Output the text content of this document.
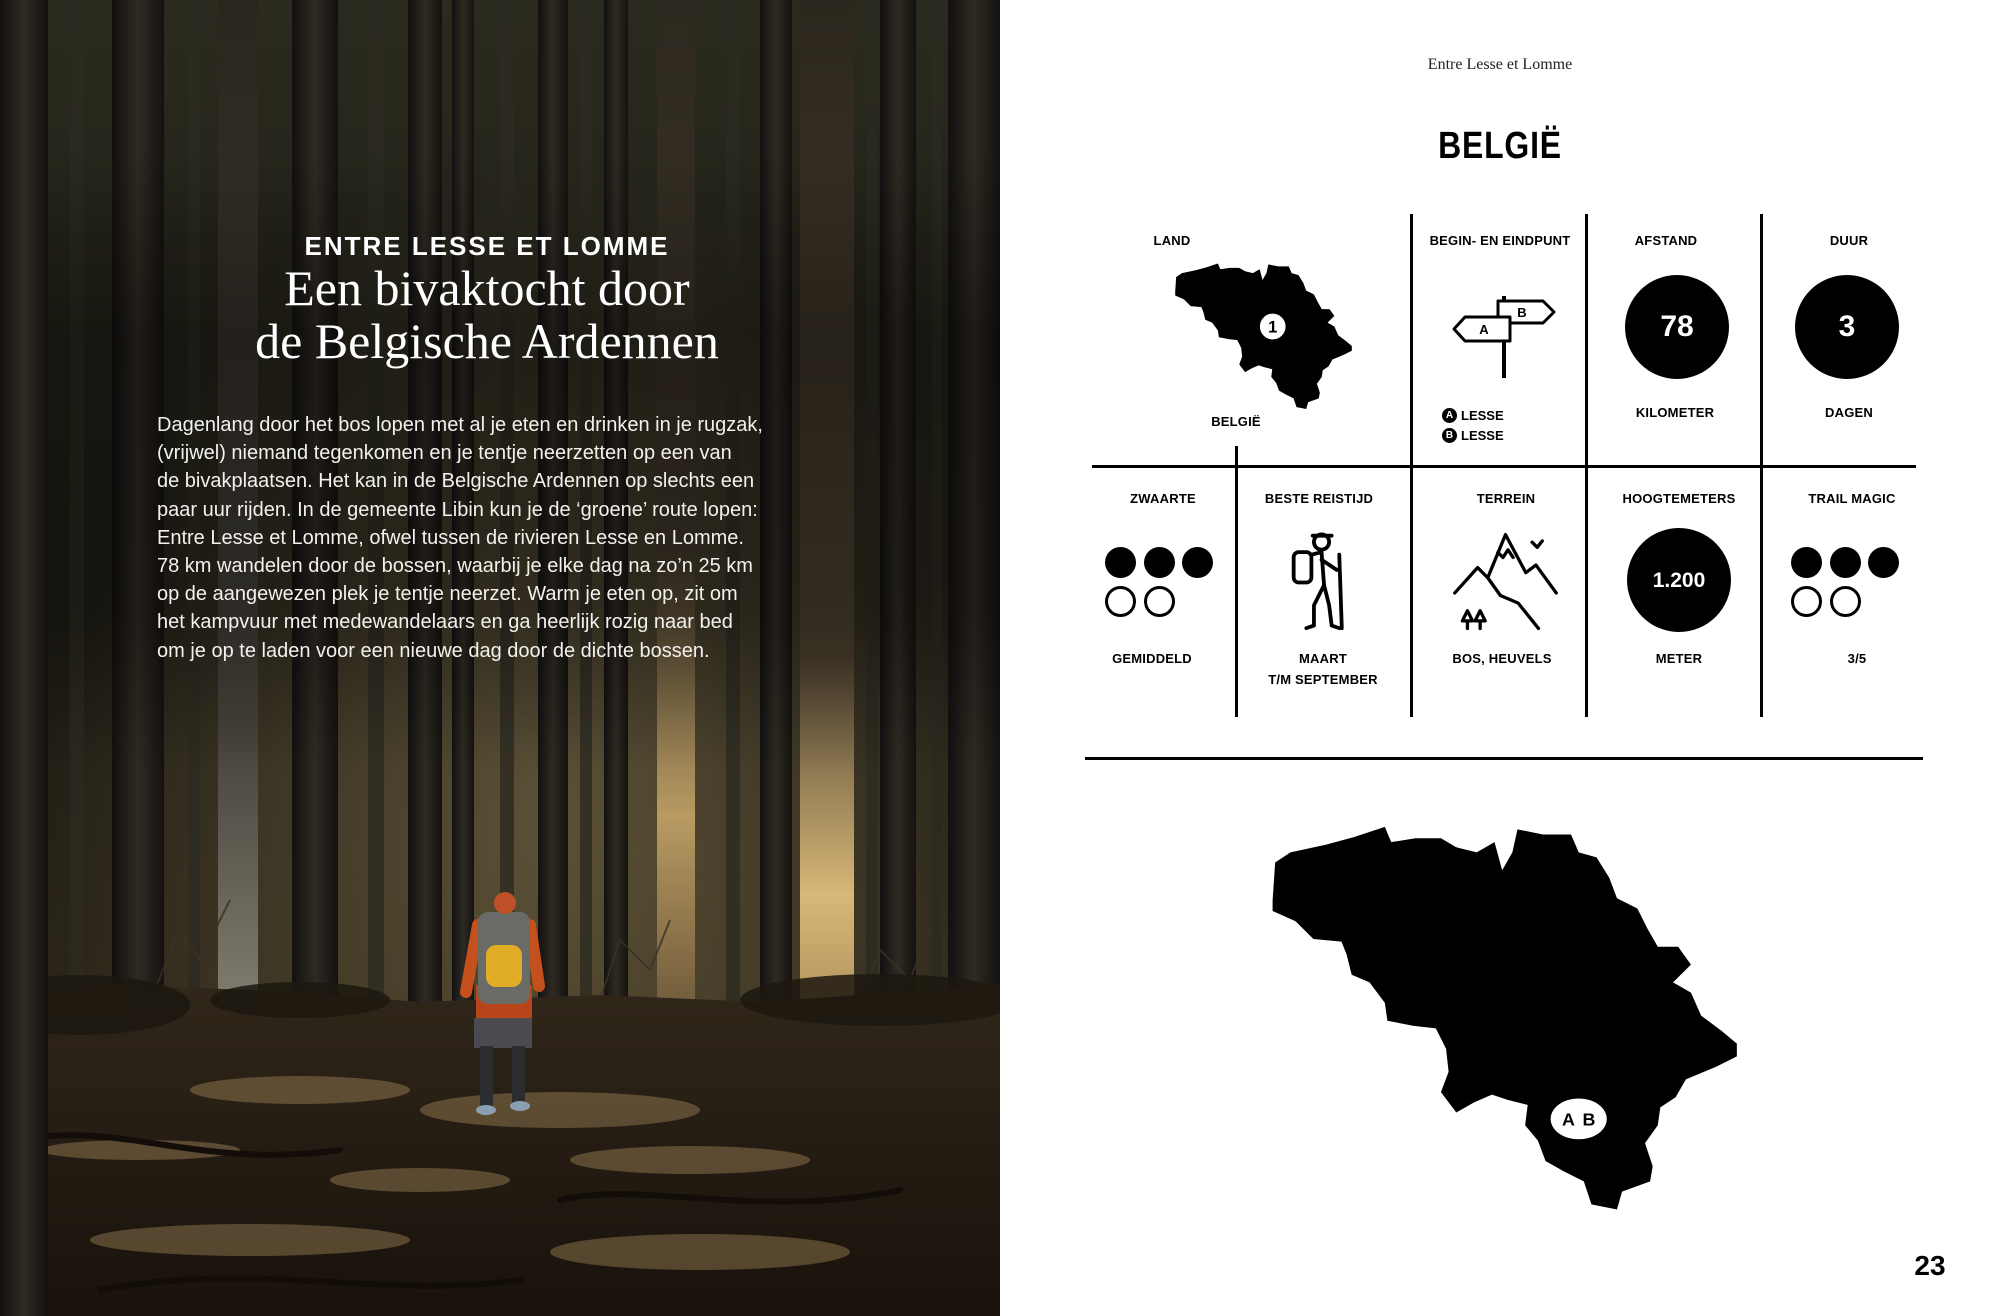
ENTRE LESSE ET LOMME
Een bivaktocht door
de Belgische Ardennen
Dagenlang door het bos lopen met al je eten en drinken in je rugzak,
(vrijwel) niemand tegenkomen en je tentje neerzetten op een van
de bivakplaatsen. Het kan in de Belgische Ardennen op slechts een
paar uur rijden. In de gemeente Libin kun je de ‘groene’ route lopen:
Entre Lesse et Lomme, ofwel tussen de rivieren Lesse en Lomme.
78 km wandelen door de bossen, waarbij je elke dag na zo’n 25 km
op de aangewezen plek je tentje neerzet. Warm je eten op, zit om
het kampvuur met medewandelaars en ga heerlijk rozig naar bed
om je op te laden voor een nieuwe dag door de dichte bossen.
Entre Lesse et Lomme
BELGIË
LAND
1
BELGIË
BEGIN- EN EINDPUNT
B
A
A LESSE
B LESSE
AFSTAND
78
KILOMETER
DUUR
3
DAGEN
ZWAARTE
GEMIDDELD
BESTE REISTIJD
MAART
T/M SEPTEMBER
TERREIN
BOS, HEUVELS
HOOGTEMETERS
1.200
METER
TRAIL MAGIC
3/5
A B
23
